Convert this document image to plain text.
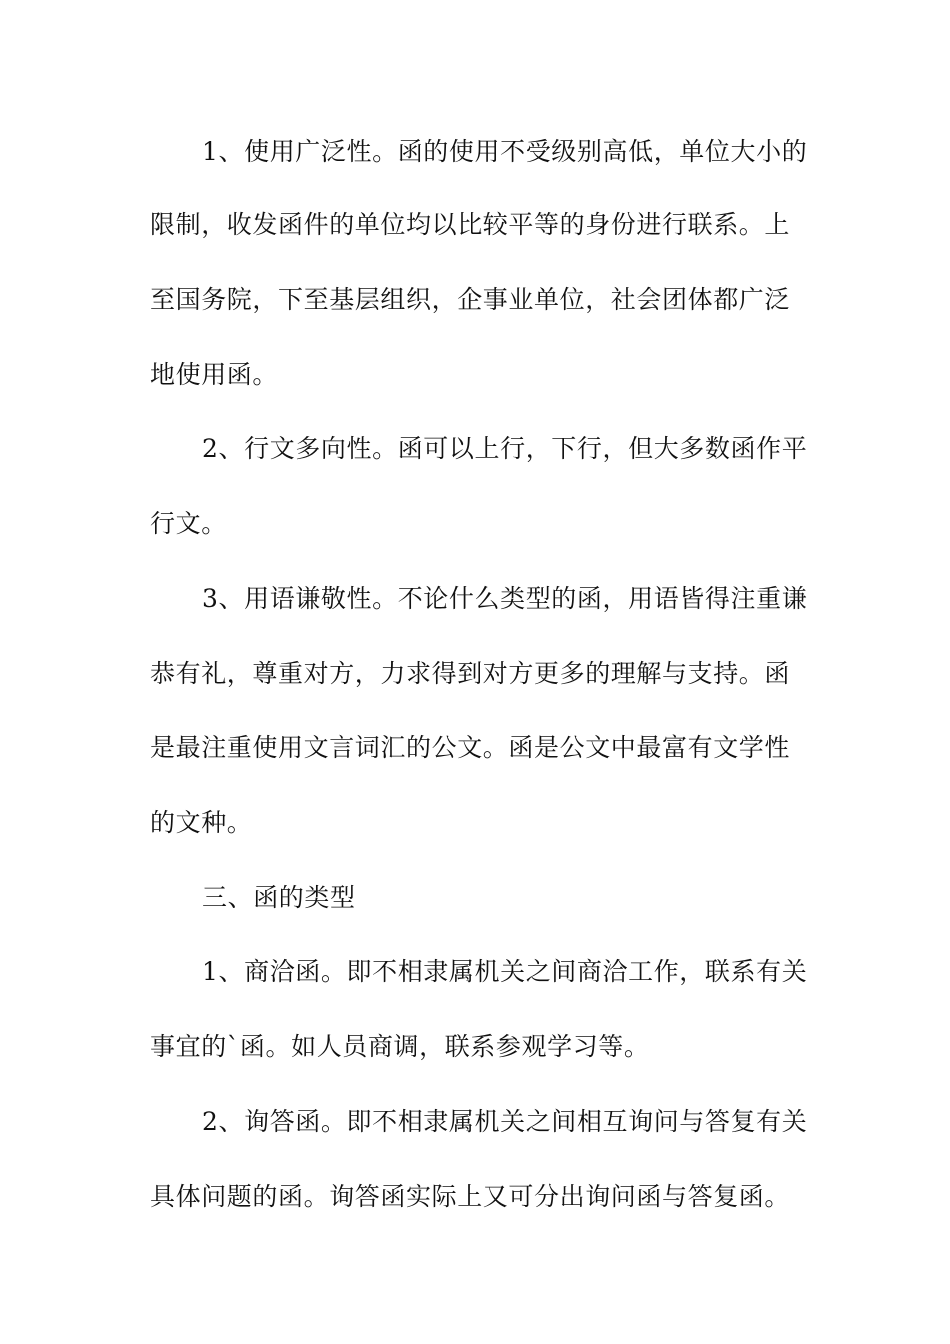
1、使用广泛性。函的使用不受级别高低，单位大小的
限制，收发函件的单位均以比较平等的身份进行联系。上
至国务院，下至基层组织，企事业单位，社会团体都广泛
地使用函。
2、行文多向性。函可以上行，下行，但大多数函作平
行文。
3、用语谦敬性。不论什么类型的函，用语皆得注重谦
恭有礼，尊重对方，力求得到对方更多的理解与支持。函
是最注重使用文言词汇的公文。函是公文中最富有文学性
的文种。
三、函的类型
1、商洽函。即不相隶属机关之间商洽工作，联系有关
事宜的`函。如人员商调，联系参观学习等。
2、询答函。即不相隶属机关之间相互询问与答复有关
具体问题的函。询答函实际上又可分出询问函与答复函。
